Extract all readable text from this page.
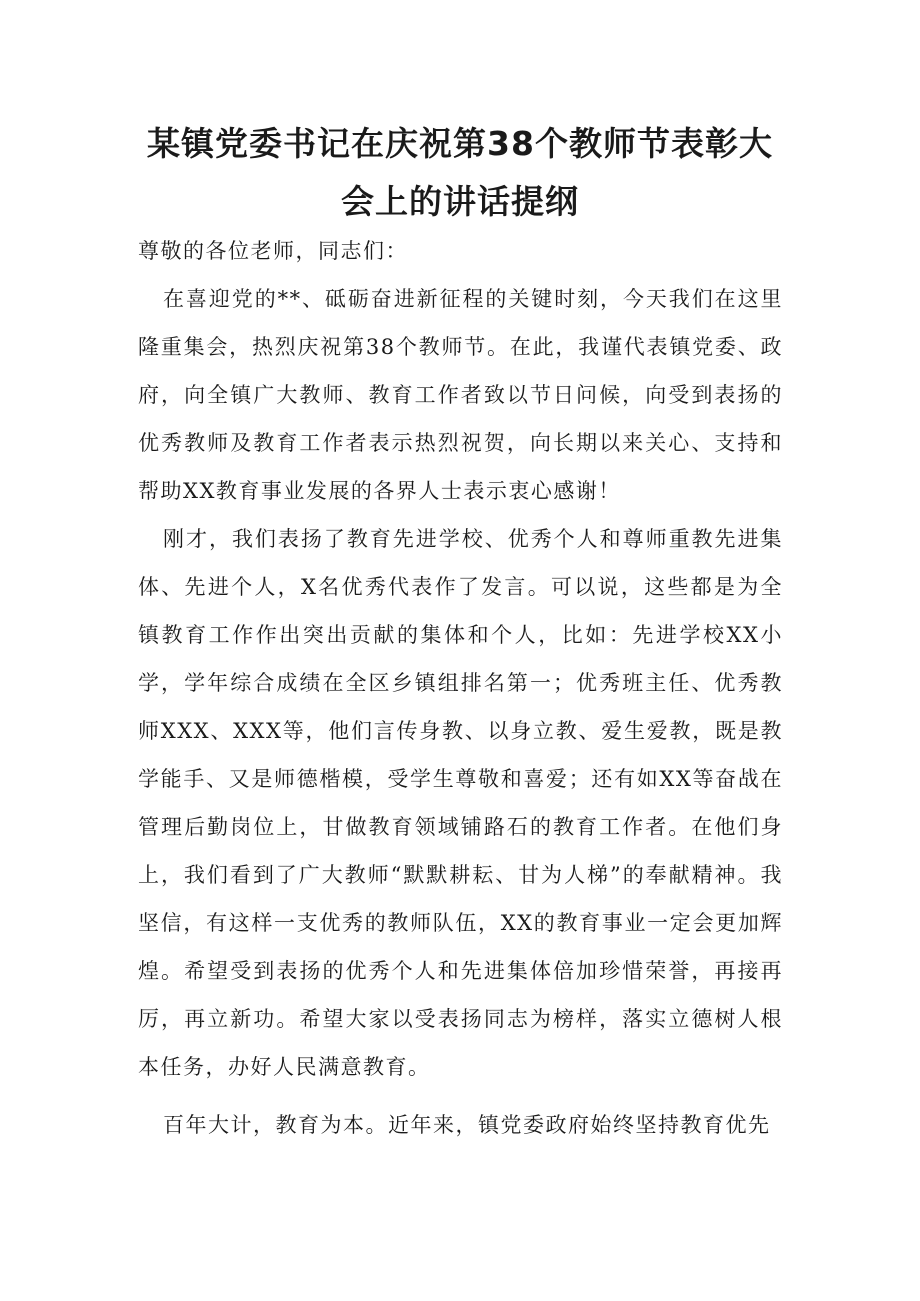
某镇党委书记在庆祝第38个教师节表彰大
会上的讲话提纲

尊敬的各位老师，同志们：

在喜迎党的**、砥砺奋进新征程的关键时刻，今天我们在这里隆重集会，热烈庆祝第38个教师节。在此，我谨代表镇党委、政府，向全镇广大教师、教育工作者致以节日问候，向受到表扬的优秀教师及教育工作者表示热烈祝贺，向长期以来关心、支持和帮助XX教育事业发展的各界人士表示衷心感谢！

刚才，我们表扬了教育先进学校、优秀个人和尊师重教先进集体、先进个人，X名优秀代表作了发言。可以说，这些都是为全镇教育工作作出突出贡献的集体和个人，比如：先进学校XX小学，学年综合成绩在全区乡镇组排名第一；优秀班主任、优秀教师XXX、XXX等，他们言传身教、以身立教、爱生爱教，既是教学能手、又是师德楷模，受学生尊敬和喜爱；还有如XX等奋战在管理后勤岗位上，甘做教育领域铺路石的教育工作者。在他们身上，我们看到了广大教师“默默耕耘、甘为人梯”的奉献精神。我坚信，有这样一支优秀的教师队伍，XX的教育事业一定会更加辉煌。希望受到表扬的优秀个人和先进集体倍加珍惜荣誉，再接再厉，再立新功。希望大家以受表扬同志为榜样，落实立德树人根本任务，办好人民满意教育。

百年大计，教育为本。近年来，镇党委政府始终坚持教育优先
